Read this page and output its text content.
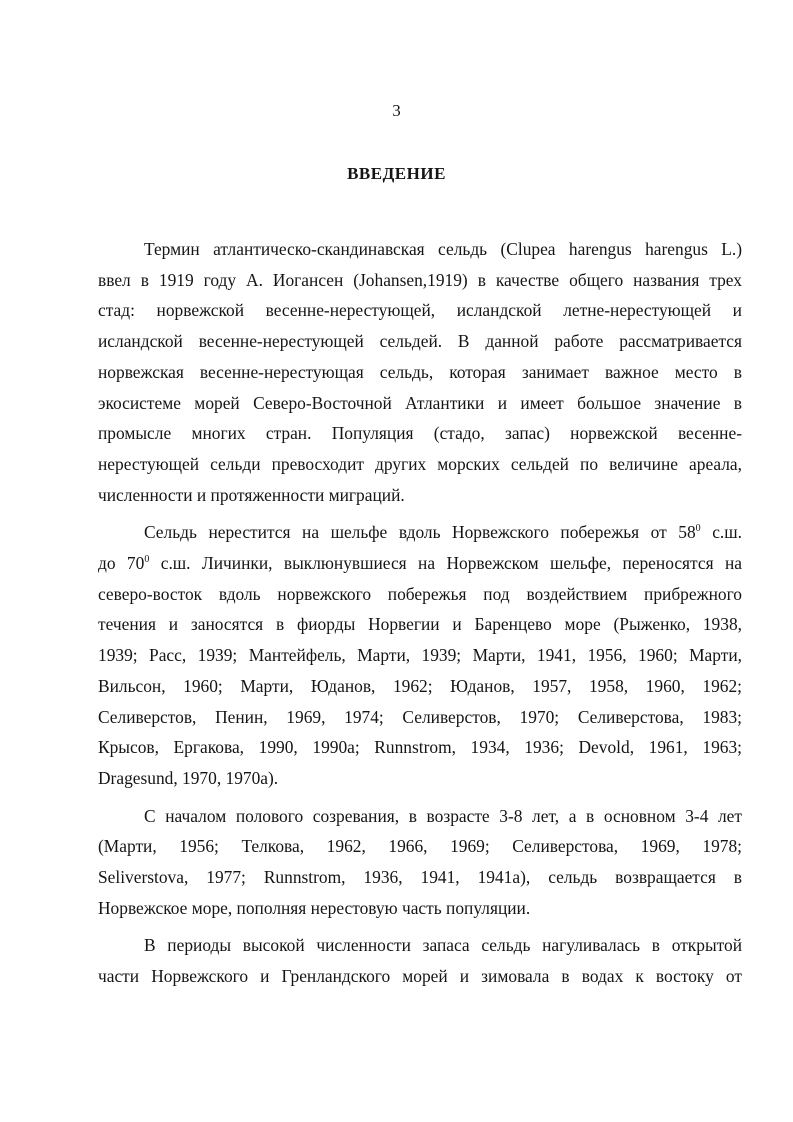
3
ВВЕДЕНИЕ
Термин атлантическо-скандинавская сельдь (Clupea harengus harengus L.)
ввел в 1919 году А. Иогансен (Johansen,1919) в качестве общего названия трех
стад: норвежской весенне-нерестующей, исландской летне-нерестующей и
исландской весенне-нерестующей сельдей. В данной работе рассматривается
норвежская весенне-нерестующая сельдь, которая занимает важное место в
экосистеме морей Северо-Восточной Атлантики и имеет большое значение в
промысле многих стран. Популяция (стадо, запас) норвежской весенне-
нерестующей сельди превосходит других морских сельдей по величине ареала,
численности и протяженности миграций.
Сельдь нерестится на шельфе вдоль Норвежского побережья от $58^0$ с.ш.
до $70^0$ с.ш. Личинки, выклюнувшиеся на Норвежском шельфе, переносятся на
северо-восток вдоль норвежского побережья под воздействием прибрежного
течения и заносятся в фиорды Норвегии и Баренцево море (Рыженко, 1938,
1939; Расс, 1939; Мантейфель, Марти, 1939; Марти, 1941, 1956, 1960; Марти,
Вильсон, 1960; Марти, Юданов, 1962; Юданов, 1957, 1958, 1960, 1962;
Селиверстов, Пенин, 1969, 1974; Селиверстов, 1970; Селиверстова, 1983;
Крысов, Ергакова, 1990, 1990а; Runnstrom, 1934, 1936; Devold, 1961, 1963;
Dragesund, 1970, 1970а).
С началом полового созревания, в возрасте 3-8 лет, а в основном 3-4 лет
(Марти, 1956; Телкова, 1962, 1966, 1969; Селиверстова, 1969, 1978;
Seliverstova, 1977; Runnstrom, 1936, 1941, 1941а), сельдь возвращается в
Норвежское море, пополняя нерестовую часть популяции.
В периоды высокой численности запаса сельдь нагуливалась в открытой
части Норвежского и Гренландского морей и зимовала в водах к востоку от
